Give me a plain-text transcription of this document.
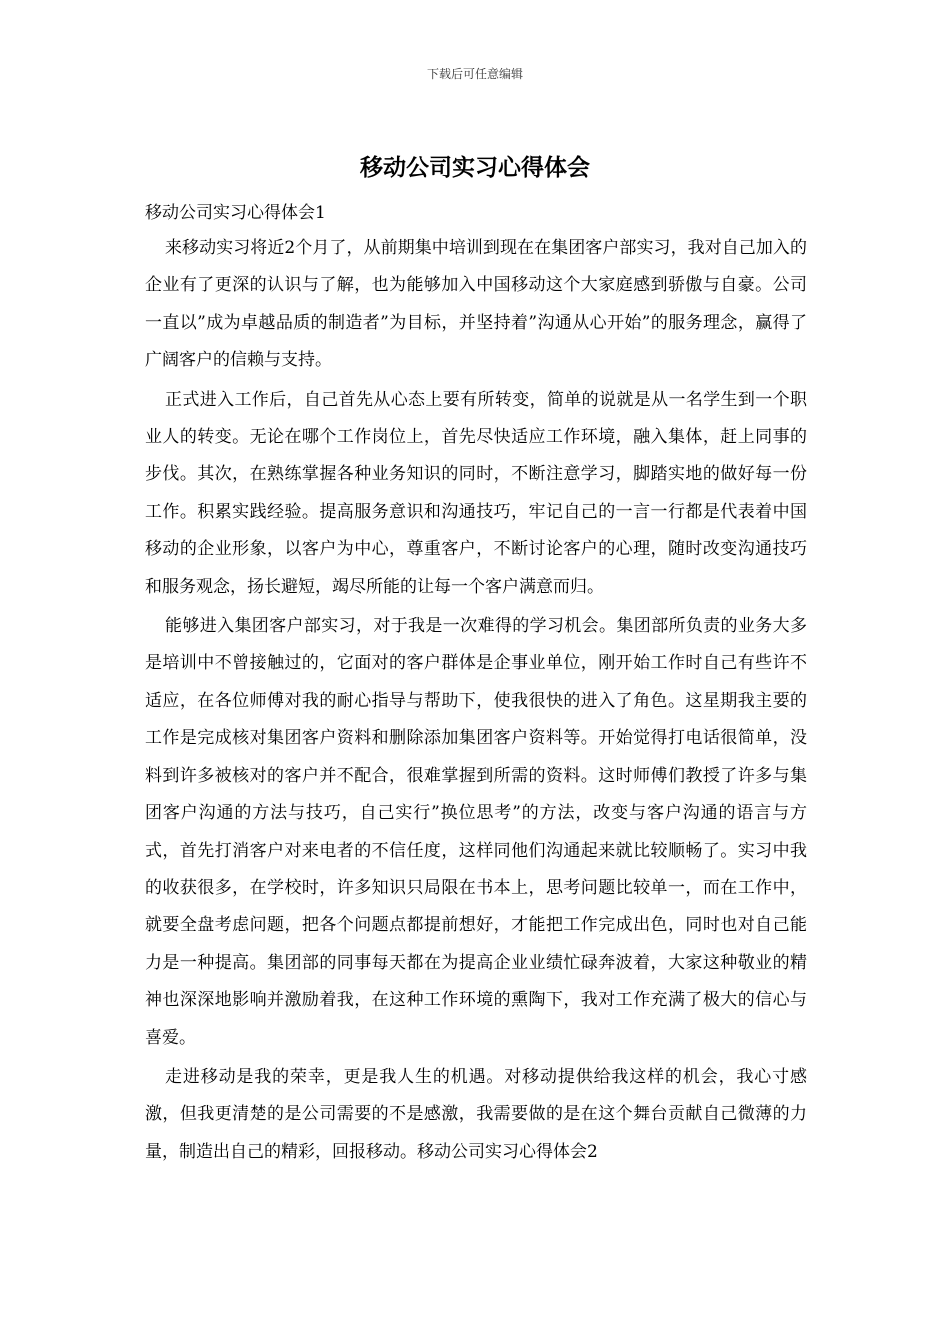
下载后可任意编辑
移动公司实习心得体会

移动公司实习心得体会1

来移动实习将近2个月了，从前期集中培训到现在在集团客户部实习，我对自己加入的企业有了更深的认识与了解，也为能够加入中国移动这个大家庭感到骄傲与自豪。公司一直以”成为卓越品质的制造者”为目标，并坚持着”沟通从心开始”的服务理念，赢得了广阔客户的信赖与支持。

正式进入工作后，自己首先从心态上要有所转变，简单的说就是从一名学生到一个职业人的转变。无论在哪个工作岗位上，首先尽快适应工作环境，融入集体，赶上同事的步伐。其次，在熟练掌握各种业务知识的同时，不断注意学习，脚踏实地的做好每一份工作。积累实践经验。提高服务意识和沟通技巧，牢记自己的一言一行都是代表着中国移动的企业形象，以客户为中心，尊重客户，不断讨论客户的心理，随时改变沟通技巧和服务观念，扬长避短，竭尽所能的让每一个客户满意而归。

能够进入集团客户部实习，对于我是一次难得的学习机会。集团部所负责的业务大多是培训中不曾接触过的，它面对的客户群体是企事业单位，刚开始工作时自己有些许不适应，在各位师傅对我的耐心指导与帮助下，使我很快的进入了角色。这星期我主要的工作是完成核对集团客户资料和删除添加集团客户资料等。开始觉得打电话很简单，没料到许多被核对的客户并不配合，很难掌握到所需的资料。这时师傅们教授了许多与集团客户沟通的方法与技巧，自己实行”换位思考”的方法，改变与客户沟通的语言与方式，首先打消客户对来电者的不信任度，这样同他们沟通起来就比较顺畅了。实习中我的收获很多，在学校时，许多知识只局限在书本上，思考问题比较单一，而在工作中，就要全盘考虑问题，把各个问题点都提前想好，才能把工作完成出色，同时也对自己能力是一种提高。集团部的同事每天都在为提高企业业绩忙碌奔波着，大家这种敬业的精神也深深地影响并激励着我，在这种工作环境的熏陶下，我对工作充满了极大的信心与喜爱。

走进移动是我的荣幸，更是我人生的机遇。对移动提供给我这样的机会，我心寸感激，但我更清楚的是公司需要的不是感激，我需要做的是在这个舞台贡献自己微薄的力量，制造出自己的精彩，回报移动。移动公司实习心得体会2
